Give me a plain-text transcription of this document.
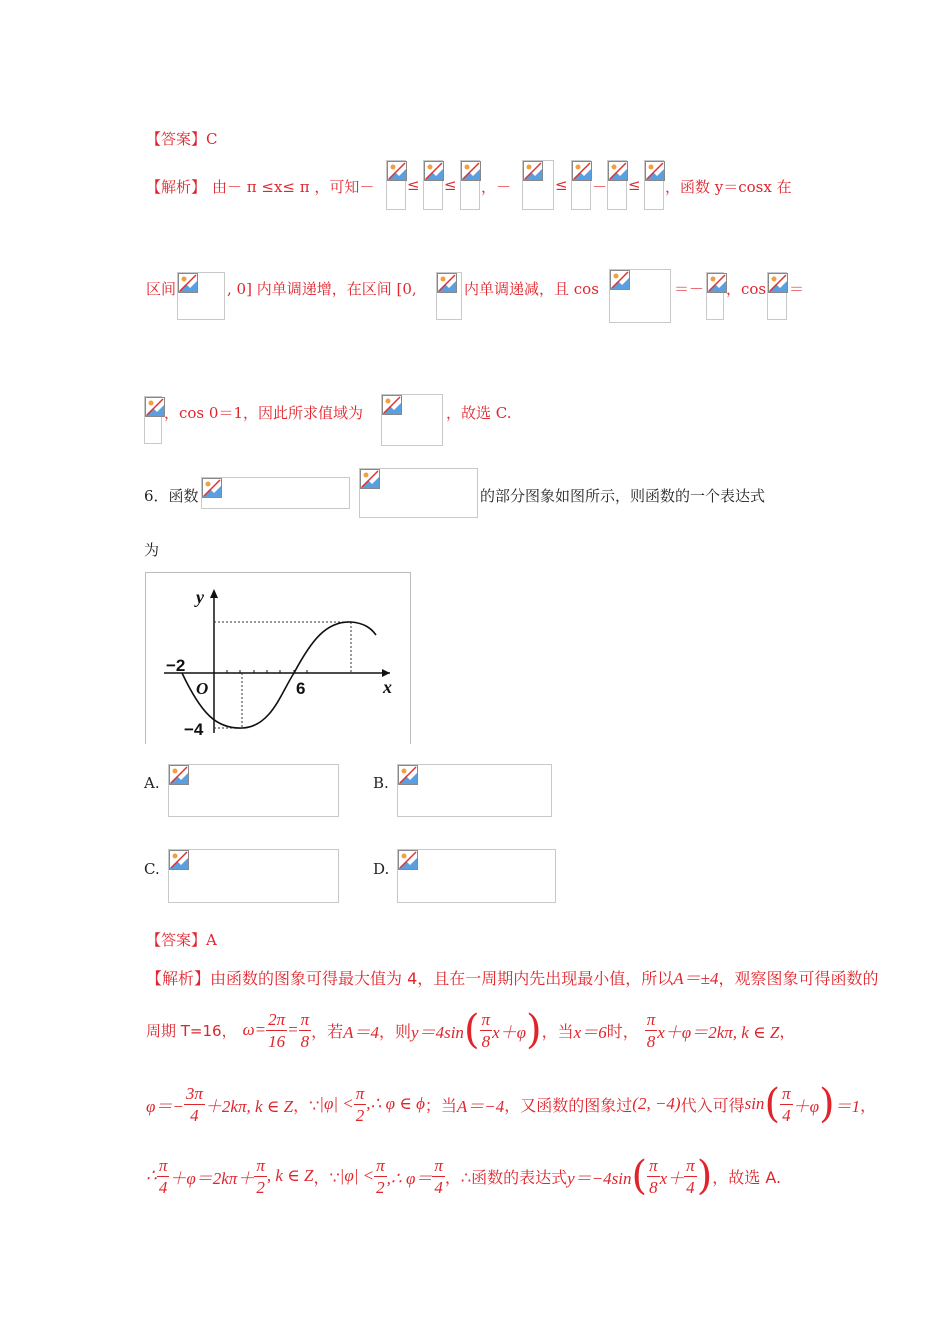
【答案】C
【解析】 由－ π ≤x≤ π ，可知－ ≤ ≤ ，－	≤ － ≤ ，函数 y＝cosx 在
区间	, 0] 内单调递增，在区间 [0,	内单调递减，且 cos	＝－ ，cos ＝
，cos 0＝1，因此所求值域为	，故选 C.
6．函数	的部分图象如图所示，则函数的一个表达式
为
y
x
O
−2
6
−4
A.	B.
C.	D.
【答案】A
【解析】由函数的图象可得最大值为 4，且在一周期内先出现最小值，所以A＝±4，观察图象可得函数的
周期 T=16， $\omega= \frac{2\pi}{16} = \frac{\pi}{8}$ ，若 A＝4 ，则 y＝4sin ( $\frac{\pi}{8} x+\varphi$ ) ，当 x＝6 时， $\frac{\pi}{8} x+\varphi=2k\pi$, k ∈ Z ，
$\varphi=- \frac{3\pi}{4} +2k\pi$, k ∈ Z ，∵ $|\varphi| < \frac{\pi}{2}$ ,∴ φ ∈ ϕ ；当 A＝−4 ，又函数的图象过 (2, −4) 代入可得 sin ( $\frac{\pi}{4} +\varphi$ ) ＝1 ，
∴ $\frac{\pi}{4} +\varphi=2k\pi+ \frac{\pi}{2}$ , k ∈ Z ，∵ $|\varphi| < \frac{\pi}{2}$ ,∴ $\varphi= \frac{\pi}{4}$ ，∴函数的表达式 y＝−4sin ( $\frac{\pi}{8} x+ \frac{\pi}{4}$ ) ，故选 A.
